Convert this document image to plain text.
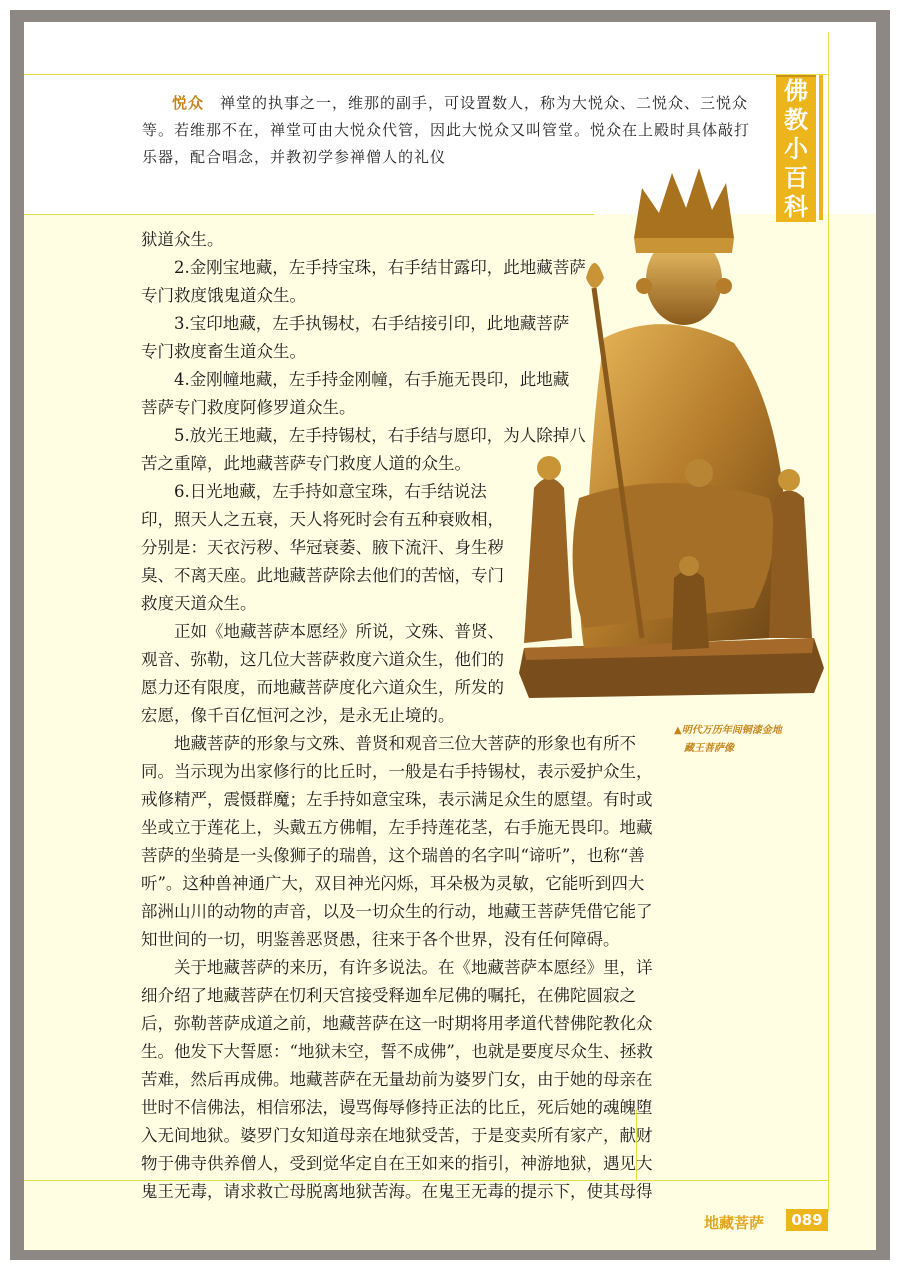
佛
教
小
百
科
悦众　 禅堂的执事之一，维那的副手，可设置数人，称为大悦众、二悦众、三悦众
等。若维那不在，禅堂可由大悦众代管，因此大悦众又叫管堂。悦众在上殿时具体敲打
乐器，配合唱念，并教初学参禅僧人的礼仪
▲明代万历年间铜漆金地
藏王菩萨像
狱道众生。
2.金刚宝地藏，左手持宝珠，右手结甘露印，此地藏菩萨
专门救度饿鬼道众生。
3.宝印地藏，左手执锡杖，右手结接引印，此地藏菩萨
专门救度畜生道众生。
4.金刚幢地藏，左手持金刚幢，右手施无畏印，此地藏
菩萨专门救度阿修罗道众生。
5.放光王地藏，左手持锡杖，右手结与愿印，为人除掉八
苦之重障，此地藏菩萨专门救度人道的众生。
6.日光地藏，左手持如意宝珠，右手结说法
印，照天人之五衰，天人将死时会有五种衰败相，
分别是：天衣污秽、华冠衰萎、腋下流汗、身生秽
臭、不离天座。此地藏菩萨除去他们的苦恼，专门
救度天道众生。
正如《地藏菩萨本愿经》所说，文殊、普贤、
观音、弥勒，这几位大菩萨救度六道众生，他们的
愿力还有限度，而地藏菩萨度化六道众生，所发的
宏愿，像千百亿恒河之沙，是永无止境的。
地藏菩萨的形象与文殊、普贤和观音三位大菩萨的形象也有所不
同。当示现为出家修行的比丘时，一般是右手持锡杖，表示爱护众生，
戒修精严，震慑群魔；左手持如意宝珠，表示满足众生的愿望。有时或
坐或立于莲花上，头戴五方佛帽，左手持莲花茎，右手施无畏印。地藏
菩萨的坐骑是一头像狮子的瑞兽，这个瑞兽的名字叫“谛听”，也称“善
听”。这种兽神通广大，双目神光闪烁，耳朵极为灵敏，它能听到四大
部洲山川的动物的声音，以及一切众生的行动，地藏王菩萨凭借它能了
知世间的一切，明鉴善恶贤愚，往来于各个世界，没有任何障碍。
关于地藏菩萨的来历，有许多说法。在《地藏菩萨本愿经》里，详
细介绍了地藏菩萨在忉利天宫接受释迦牟尼佛的嘱托，在佛陀圆寂之
后，弥勒菩萨成道之前，地藏菩萨在这一时期将用孝道代替佛陀教化众
生。他发下大誓愿：“地狱未空，誓不成佛”，也就是要度尽众生、拯救
苦难，然后再成佛。地藏菩萨在无量劫前为婆罗门女，由于她的母亲在
世时不信佛法，相信邪法，谩骂侮辱修持正法的比丘，死后她的魂魄堕
入无间地狱。婆罗门女知道母亲在地狱受苦，于是变卖所有家产，献财
物于佛寺供养僧人，受到觉华定自在王如来的指引，神游地狱，遇见大
鬼王无毒，请求救亡母脱离地狱苦海。在鬼王无毒的提示下，使其母得
地藏菩萨	089
